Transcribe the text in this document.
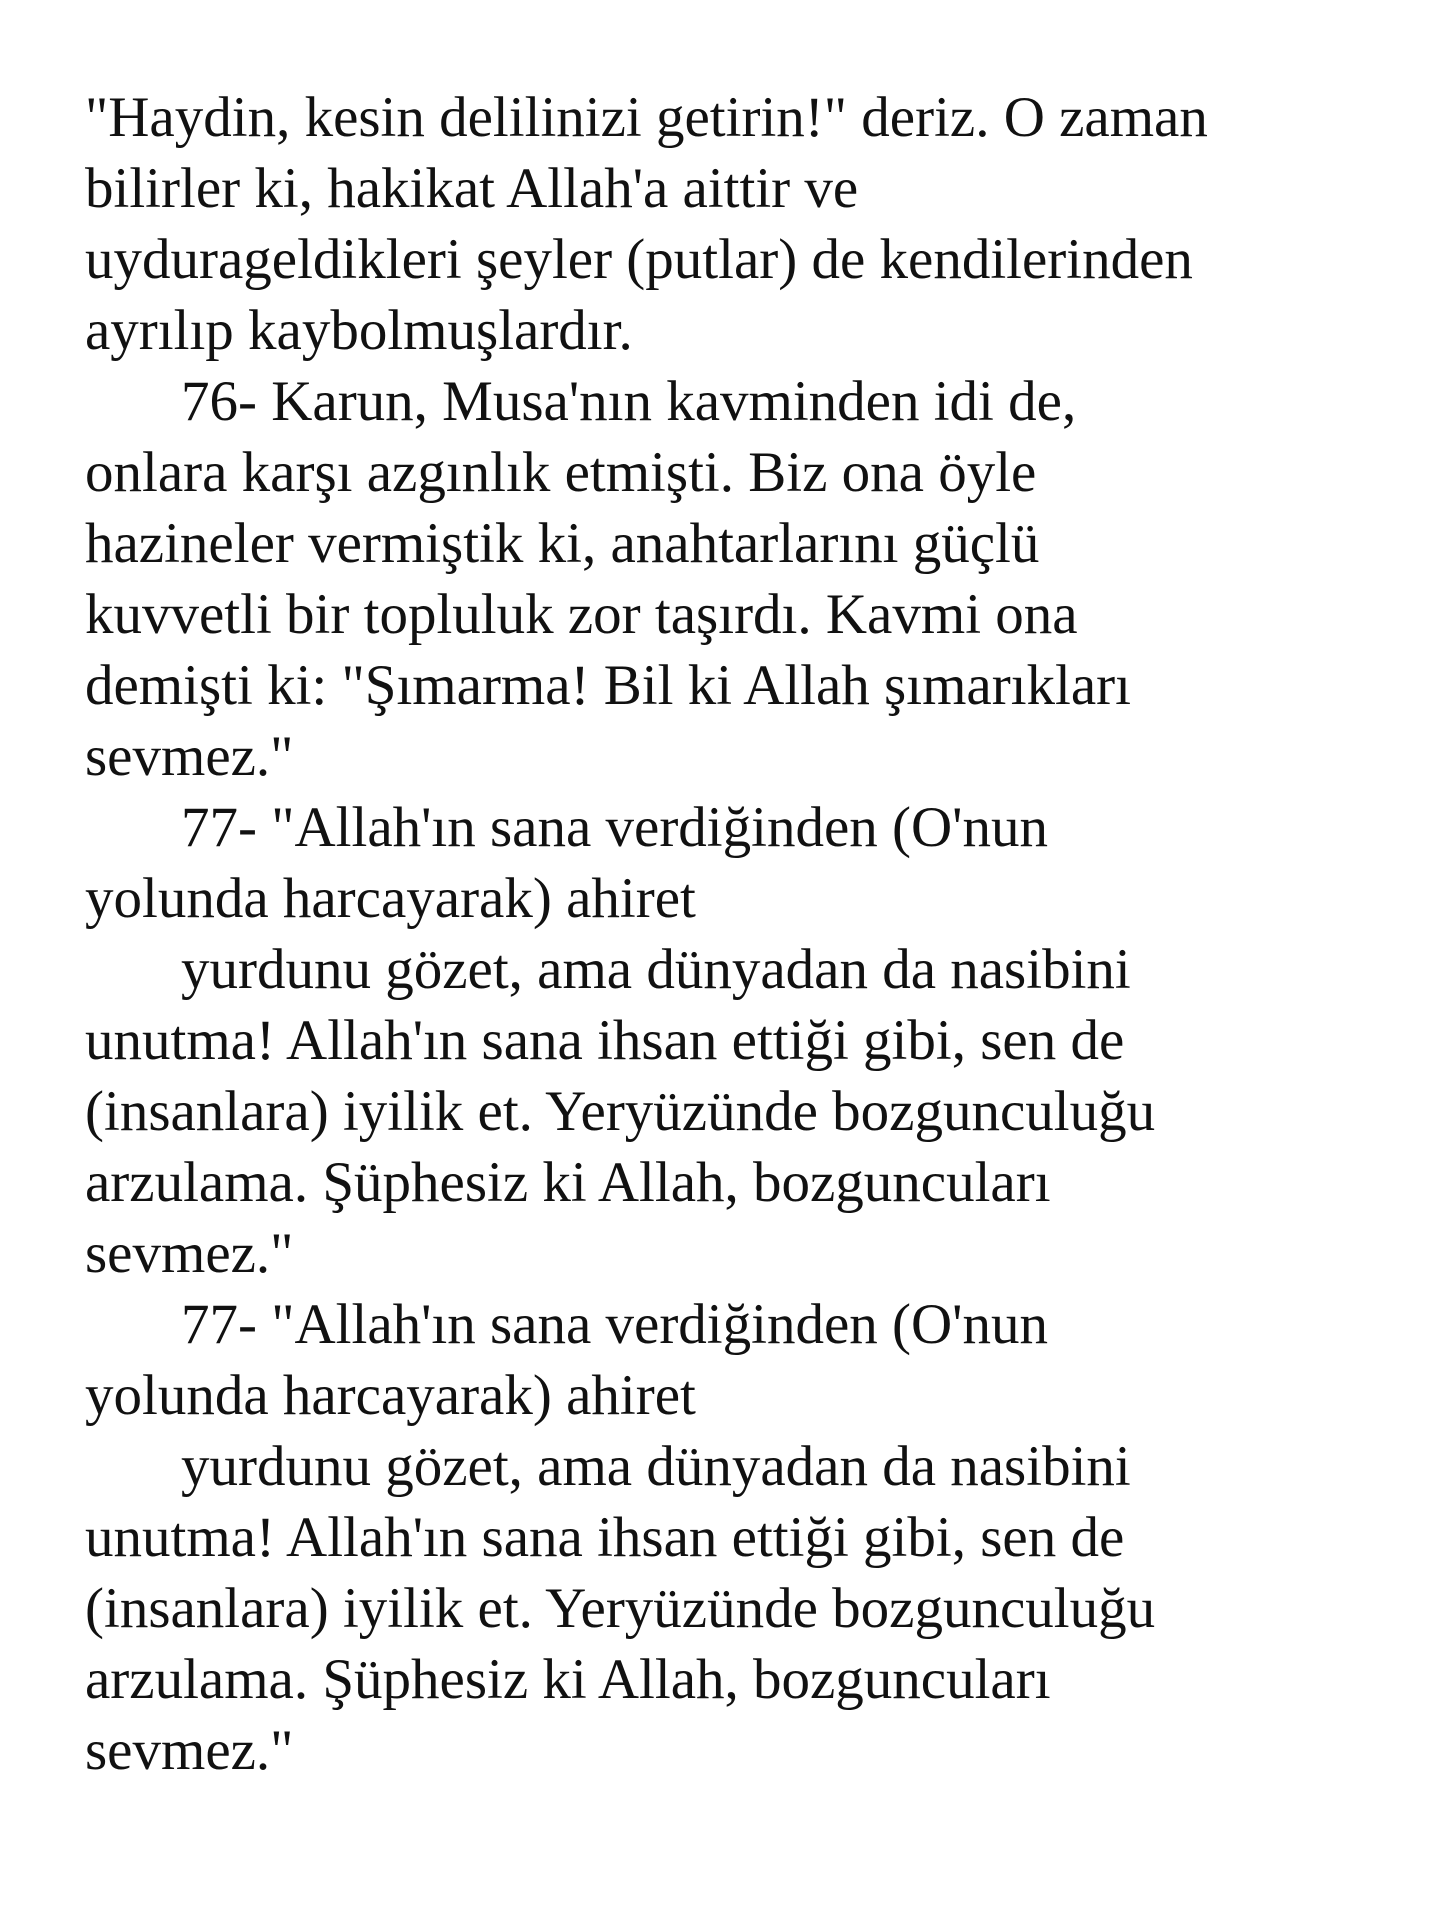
"Haydin, kesin delilinizi getirin!" deriz. O zaman
bilirler ki, hakikat Allah'a aittir ve
uydurageldikleri şeyler (putlar) de kendilerinden
ayrılıp kaybolmuşlardır.
76- Karun, Musa'nın kavminden idi de,
onlara karşı azgınlık etmişti. Biz ona öyle
hazineler vermiştik ki, anahtarlarını güçlü
kuvvetli bir topluluk zor taşırdı. Kavmi ona
demişti ki: "Şımarma! Bil ki Allah şımarıkları
sevmez."
77- "Allah'ın sana verdiğinden (O'nun
yolunda harcayarak) ahiret
yurdunu gözet, ama dünyadan da nasibini
unutma! Allah'ın sana ihsan ettiği gibi, sen de
(insanlara) iyilik et. Yeryüzünde bozgunculuğu
arzulama. Şüphesiz ki Allah, bozguncuları
sevmez."
77- "Allah'ın sana verdiğinden (O'nun
yolunda harcayarak) ahiret
yurdunu gözet, ama dünyadan da nasibini
unutma! Allah'ın sana ihsan ettiği gibi, sen de
(insanlara) iyilik et. Yeryüzünde bozgunculuğu
arzulama. Şüphesiz ki Allah, bozguncuları
sevmez."
